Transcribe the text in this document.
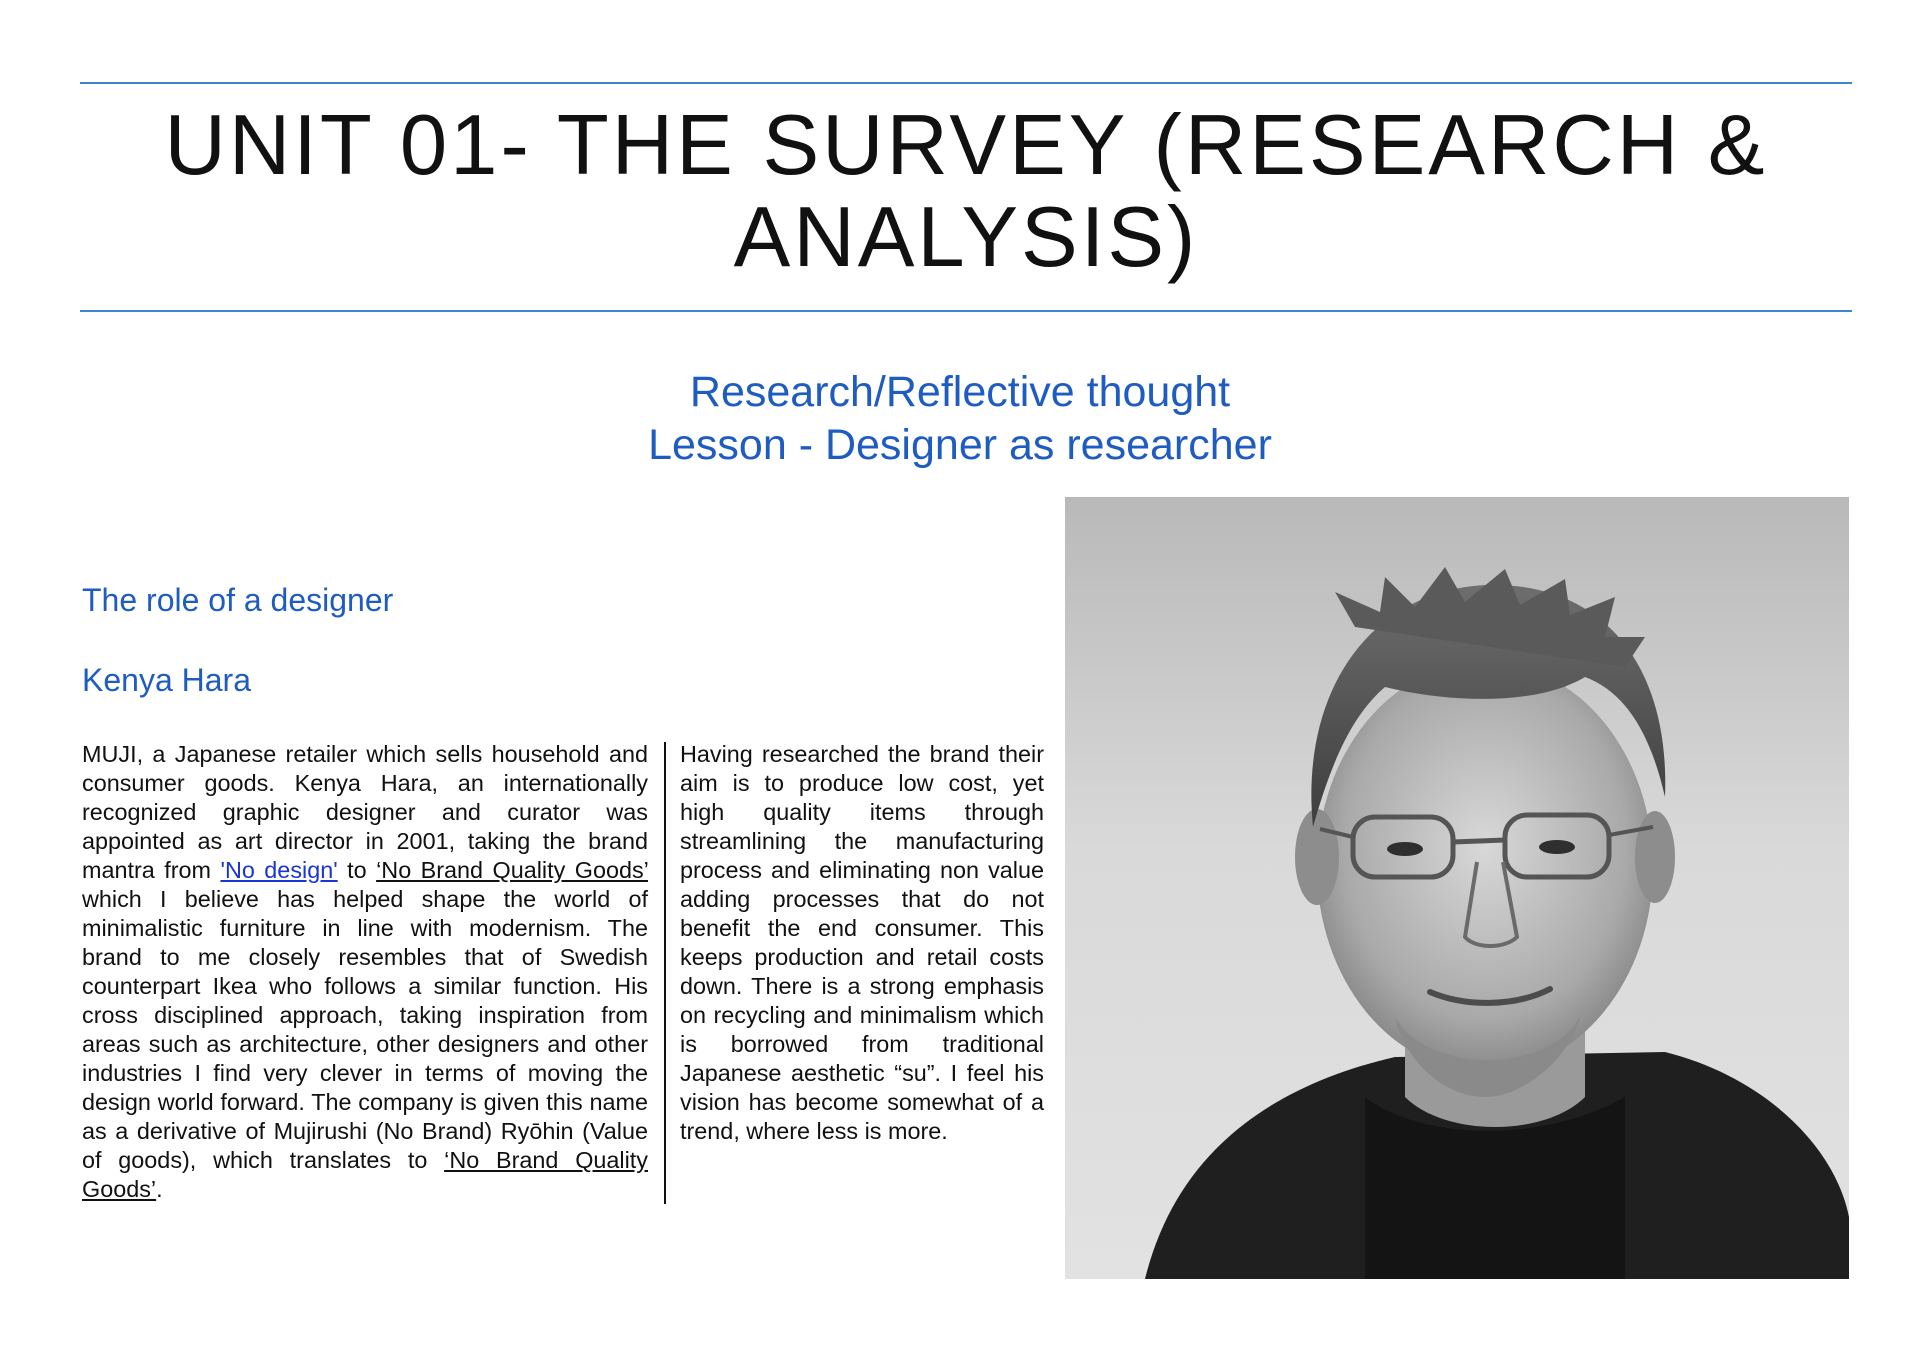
UNIT 01- THE SURVEY (RESEARCH &
ANALYSIS)
Research/Reflective thought
Lesson - Designer as researcher
The role of a designer
Kenya Hara
MUJI, a Japanese retailer which sells household and consumer goods. Kenya Hara, an internationally recognized graphic designer and curator was appointed as art director in 2001, taking the brand mantra from 'No design' to ‘No Brand Quality Goods’ which I believe has helped shape the world of minimalistic furniture in line with modernism. The brand to me closely resembles that of Swedish counterpart Ikea who follows a similar function. His cross disciplined approach, taking inspiration from areas such as architecture, other designers and other industries I find very clever in terms of moving the design world forward. The company is given this name as a derivative of Mujirushi (No Brand) Ryōhin (Value of goods), which translates to ‘No Brand Quality Goods’.
Having researched the brand their aim is to produce low cost, yet high quality items through streamlining the manufacturing process and eliminating non value adding processes that do not benefit the end consumer. This keeps production and retail costs down. There is a strong emphasis on recycling and minimalism which is borrowed from traditional Japanese aesthetic “su”. I feel his vision has become somewhat of a trend, where less is more.
